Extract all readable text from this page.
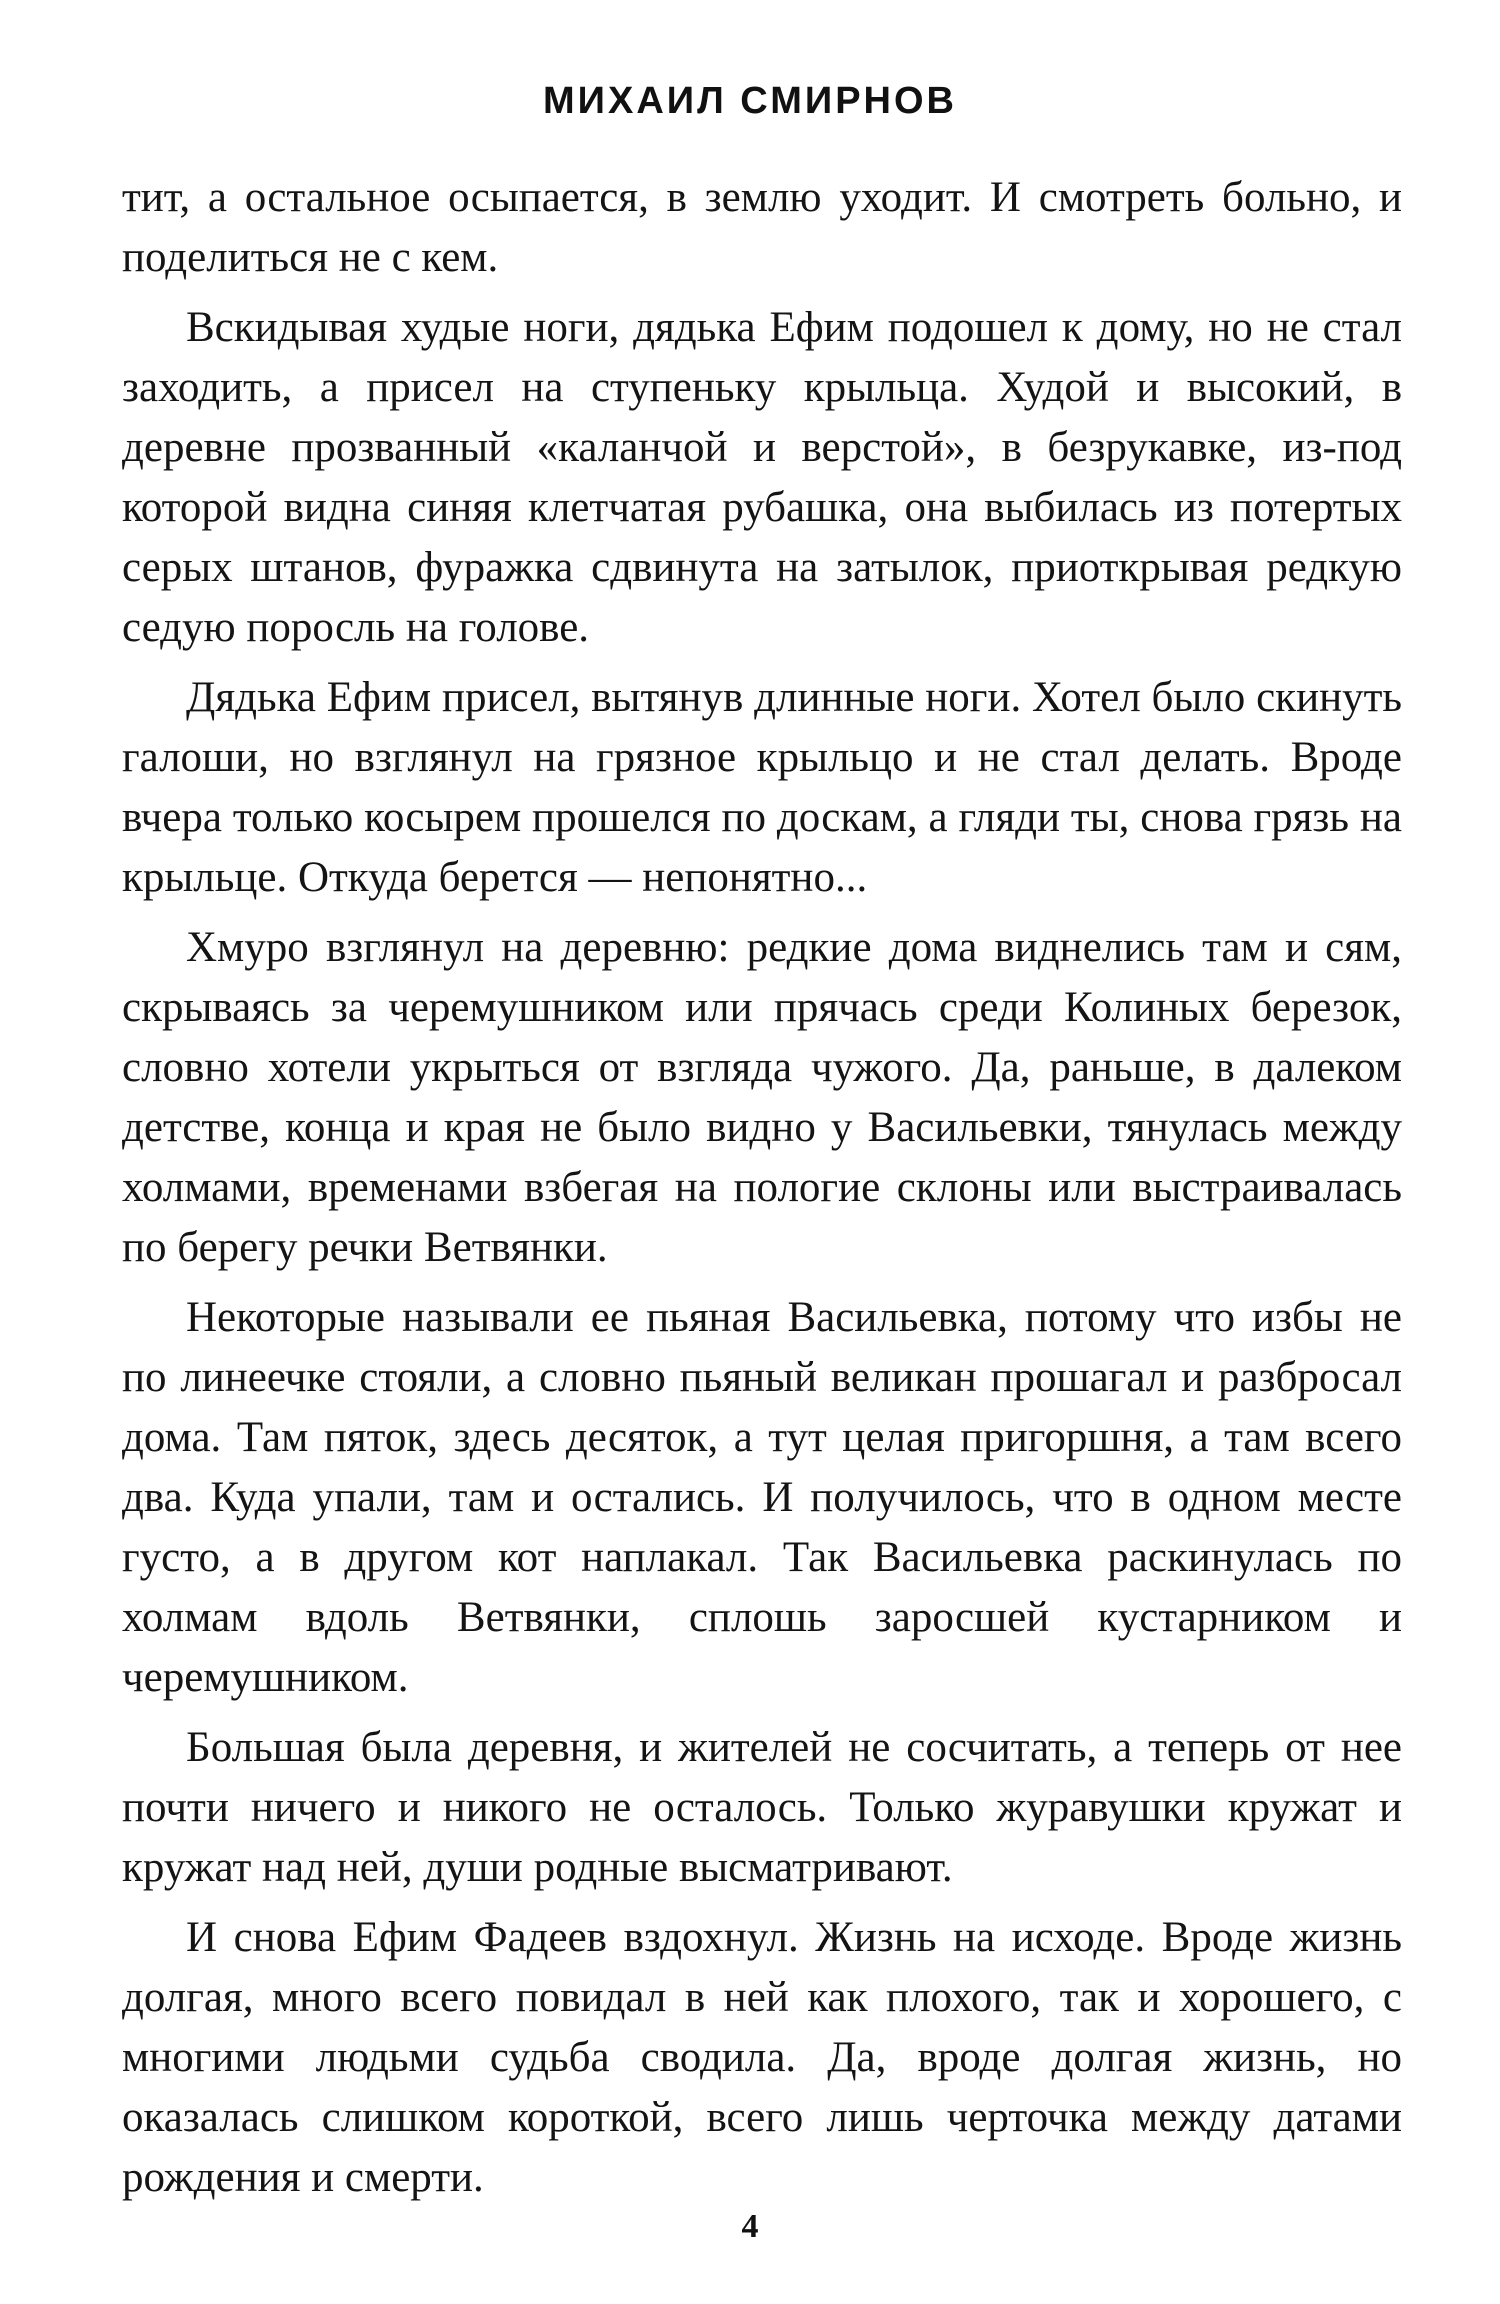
МИХАИЛ СМИРНОВ

тит, а остальное осыпается, в землю уходит. И смотреть больно, и поделиться не с кем.

Вскидывая худые ноги, дядька Ефим подошел к дому, но не стал заходить, а присел на ступеньку крыльца. Худой и высокий, в деревне прозванный «каланчой и верстой», в безрукавке, из-под которой видна синяя клетчатая рубашка, она выбилась из потертых серых штанов, фуражка сдвинута на затылок, приоткрывая редкую седую поросль на голове.

Дядька Ефим присел, вытянув длинные ноги. Хотел было скинуть галоши, но взглянул на грязное крыльцо и не стал делать. Вроде вчера только косырем прошелся по доскам, а гляди ты, снова грязь на крыльце. Откуда берется — непонятно...

Хмуро взглянул на деревню: редкие дома виднелись там и сям, скрываясь за черемушником или прячась среди Колиных березок, словно хотели укрыться от взгляда чужого. Да, раньше, в далеком детстве, конца и края не было видно у Васильевки, тянулась между холмами, временами взбегая на пологие склоны или выстраивалась по берегу речки Ветвянки.

Некоторые называли ее пьяная Васильевка, потому что избы не по линеечке стояли, а словно пьяный великан прошагал и разбросал дома. Там пяток, здесь десяток, а тут целая пригоршня, а там всего два. Куда упали, там и остались. И получилось, что в одном месте густо, а в другом кот наплакал. Так Васильевка раскинулась по холмам вдоль Ветвянки, сплошь заросшей кустарником и черемушником.

Большая была деревня, и жителей не сосчитать, а теперь от нее почти ничего и никого не осталось. Только журавушки кружат и кружат над ней, души родные высматривают.

И снова Ефим Фадеев вздохнул. Жизнь на исходе. Вроде жизнь долгая, много всего повидал в ней как плохого, так и хорошего, с многими людьми судьба сводила. Да, вроде долгая жизнь, но оказалась слишком короткой, всего лишь черточка между датами рождения и смерти.

4
